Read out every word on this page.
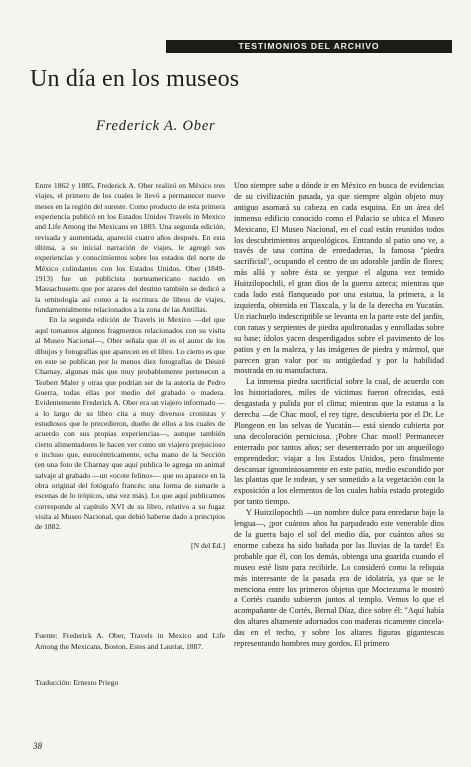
TESTIMONIOS DEL ARCHIVO
Un día en los museos
Frederick A. Ober

Entre 1862 y 1885, Frederick A. Ober realizó en México tres viajes, el primero de los cuales le llevó a permanecer nueve meses en la región del sureste. Como producto de esta primera experiencia publicó en los Estados Unidos Travels in Mexico and Life Among the Mexicans en 1883. Una segunda edición, revisada y aumentada, apareció cuatro años después. En esta última, a su inicial narración de viajes, le agregó sus experiencias y conocimientos sobre los estados del norte de México colindantes con los Estados Unidos. Ober (1849-1913) fue un publicista norteamericano nacido en Massachusetts que por azares del destino también se dedicó a la ornitología así como a la escritura de libros de viajes, fundamentalmente relacionados a la zona de las Antillas.

En la segunda edición de Travels in Mexico —del que aquí tomamos algunos fragmentos relacionados con su visita al Museo Nacional—, Ober señala que él es el autor de los dibujos y fotografías que aparecen en el libro. Lo cierto es que en este se publican por lo menos diez fotografías de Désiré Charnay, algunas más que muy probablemente pertenecen a Teobert Maler y otras que podrían ser de la autoría de Pedro Guerra, todas ellas por medio del grabado o madera. Evidentemente Frederick A. Ober era un viajero informado —a lo largo de su libro cita a muy diversos cronistas y estudiosos que le precedieron, dueño de ellos a los cuales de acuerdo con sus propias experiencias—, aunque también cierto alimentadores le hacen ver como un viajero prejuicioso e incluso que, eurocéntricamente, echa mano de la Sección (en una foto de Charnay que aquí publica le agrega un animal salvaje al grabado —un «ocote felino»— que no aparece en la obra original del fotógrafo francés: una forma de sumarle a escenas de lo trópicos, una vez más). Lo que aquí publicamos corresponde al capítulo XVI de su libro, relativo a su fugaz visita al Museo Nacional, que debió haberse dado a principios de 1882.

[N del Ed.]

Fuente: Frederick A. Ober, Travels in Mexico and Life Among the Mexicans, Boston, Estes and Lauriat, 1887.
Traducción: Ernesto Priego

Uno siempre sabe a dónde ir en México en busca de evidencias de su civilización pasada, ya que siempre algún objeto muy antiguo asomará su cabeza en cada esquina. En un área del inmenso edificio conocido como el Palacio se ubica el Museo Mexicano, El Museo Nacional, en el cual están reunidos todos los descubrimientos arqueológicos. Entrando al patio uno ve, a través de una cortina de enredaderas, la famosa "piedra sacrificial", ocupando el centro de un adorable jardín de flores; más allá y sobre ésta se yergue el alguna vez temido Huitzilopochtli, el gran dios de la guerra azteca; mientras que cada lado está flanqueado por una estatua, la primera, a la izquierda, obtenida en Tlaxcala, y la de la derecha en Yucatán. Un riachuelo indescriptible se levanta en la parte este del jardín, con ranas y serpientes de piedra apoltronadas y enrolladas sobre su base; ídolos yacen desperdigados sobre el pavimento de los patios y en la maleza, y las imágenes de piedra y mármol, que parecen gran valor por su antigüedad y por la habilidad mostrada en su manufactura.

La inmensa piedra sacrificial sobre la cual, de acuerdo con los historiadores, miles de víctimas fueron ofrecidas, está desgastada y pulida por el clima; mientras que la estatua a la derecha —de Chac mool, el rey tigre, descubierta por el Dr. Le Plongeon en las selvas de Yucatán— está siendo cubierta por una decoloración perniciosa. ¡Pobre Chac mool! Permanecer enterrado por tantos años; ser desenterrado por un arqueólogo emprendedor; viajar a los Estados Unidos, pero finalmente descansar ignominiosamente en este patio, medio escondido por las plantas que le rodean, y ser sometido a la vegetación con la exposición a los elementos de los cuales había estado protegido por tanto tiempo.

Y Huitzilopochtli —un nombre dulce para enredarse bajo la lengua—, ¡por cuántos años ha parpadeado este venerable dios de la guerra bajo el sol del medio día, por cuántos años su enorme cabeza ha sido bañada por las lluvias de la tarde! Es probable que él, con los demás, obtenga una guarida cuando el museo esté listo para recibirle. Lo consideró como la reliquia más interesante de la pasada era de idolatría, ya que se le menciona entre los primeros objetos que Moctezuma le mostró a Cortés cuando subieron juntos al templo. Vemos lo que el acompañante de Cortés, Bernal Díaz, dice sobre él: "Aquí había dos altares altamente adornados con maderas ricamente cinceladas en el techo, y sobre los altares figuras gigantescas representando hombres muy gordos. El primero

38
